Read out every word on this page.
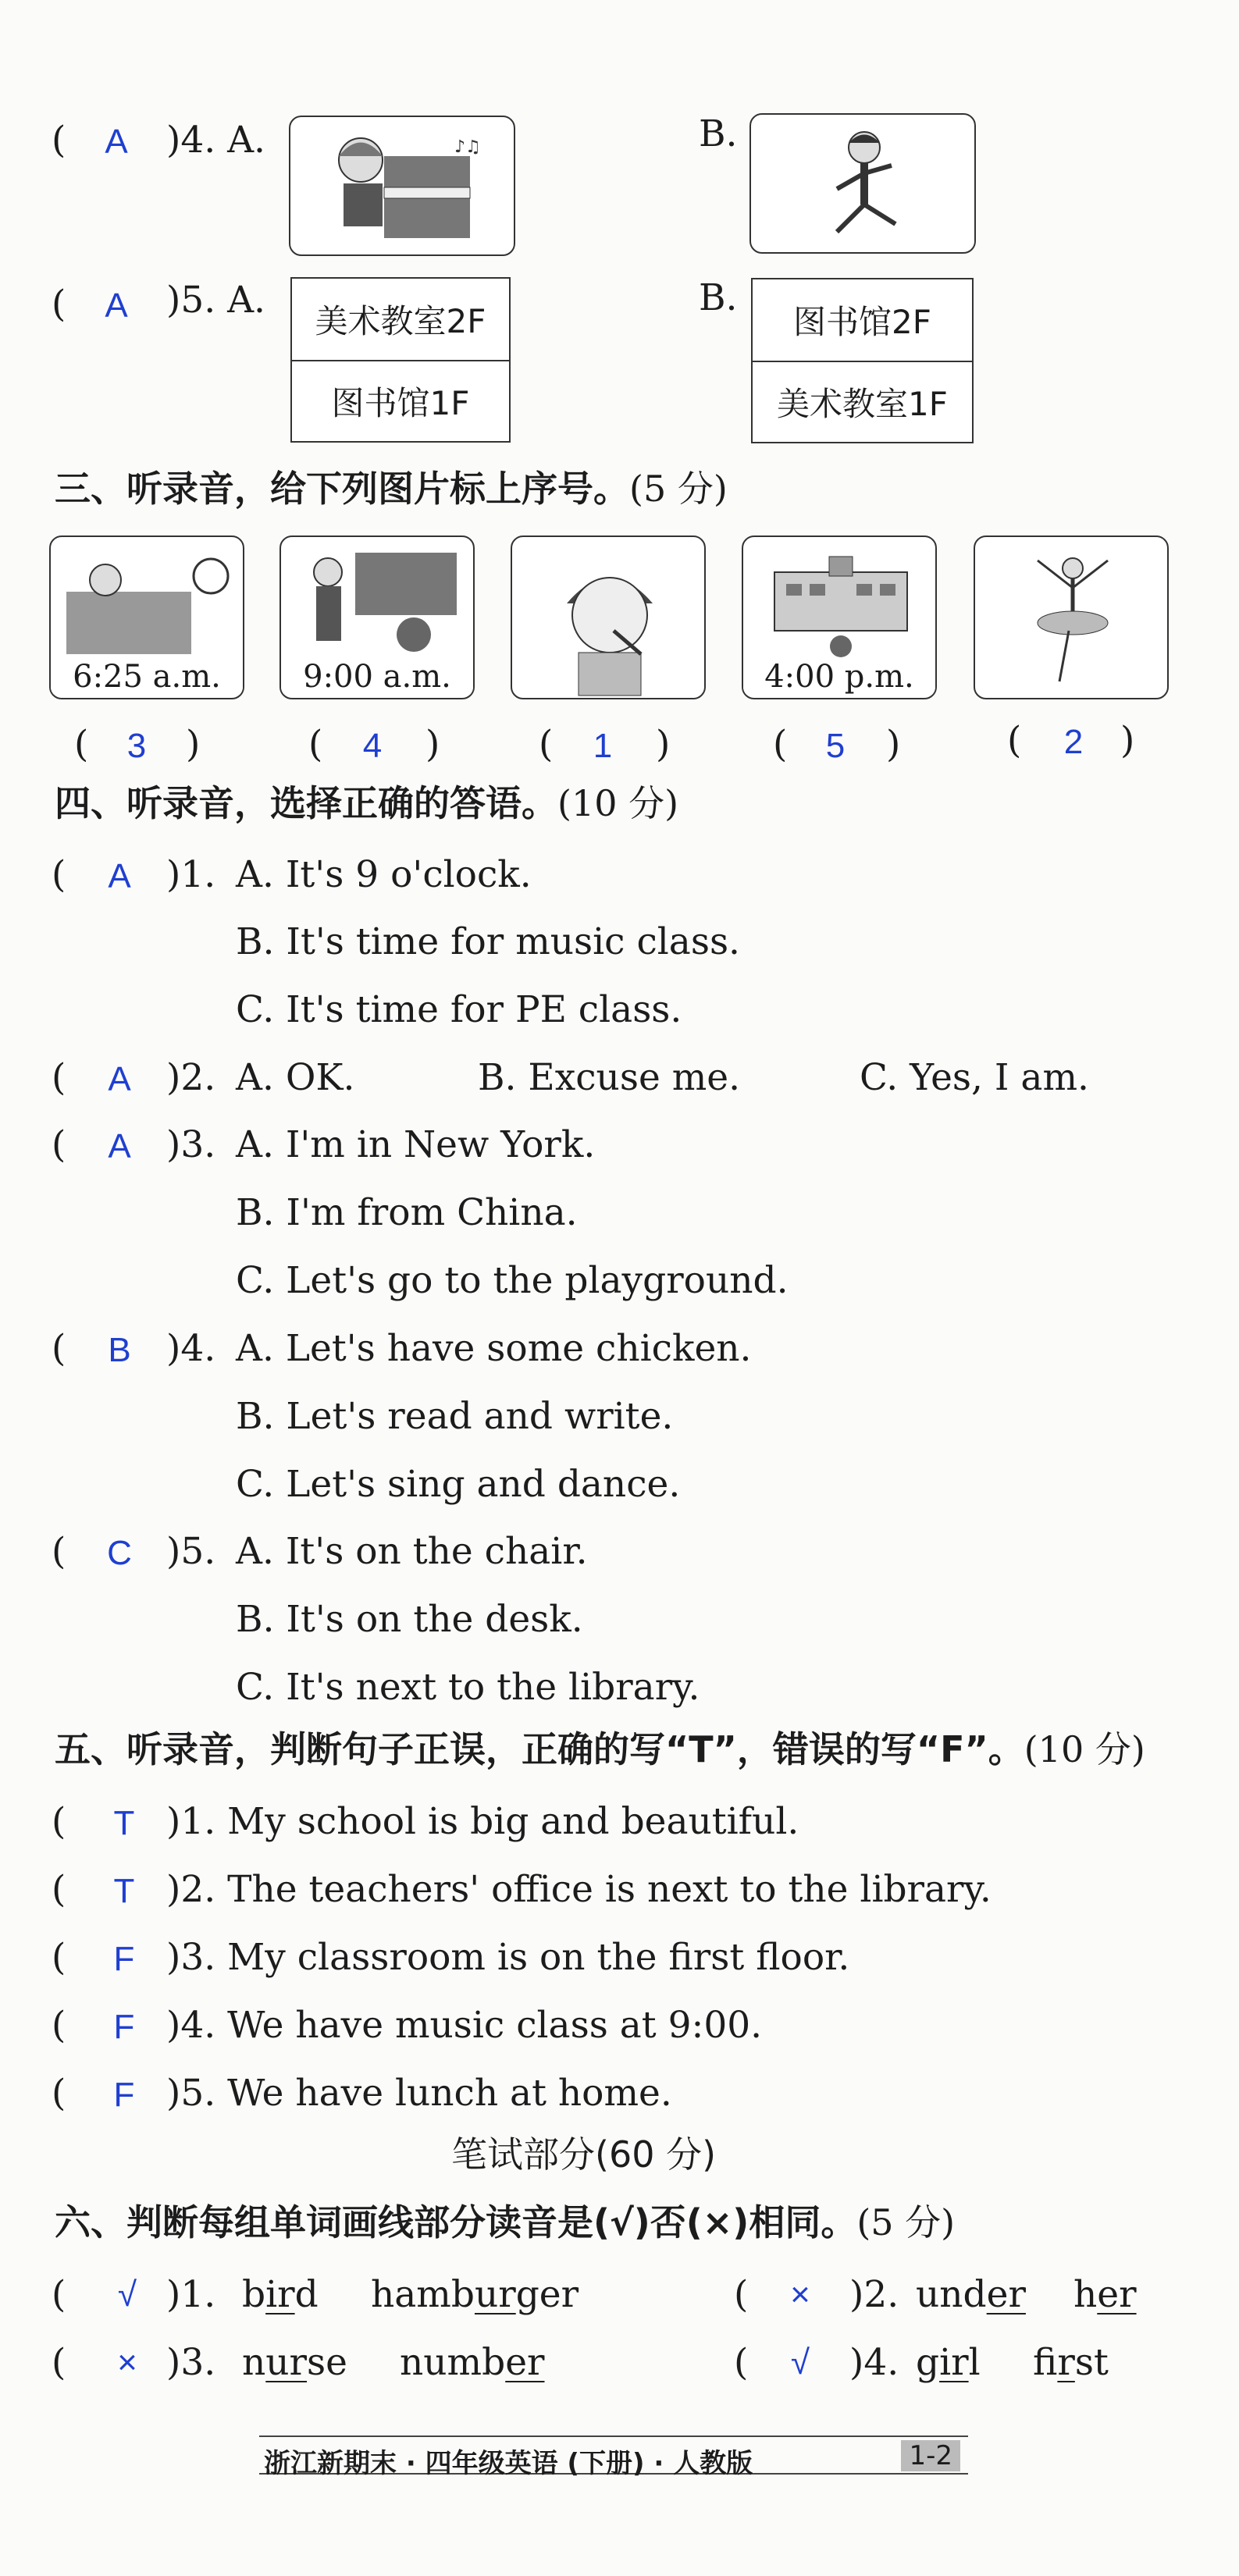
(	A	)4. A.	♪♫	B.
(	A	)5. A.	美术教室2F
图书馆1F
B.
图书馆2F
美术教室1F
三、听录音，给下列图片标上序号。(5 分)
6:25 a.m.	9:00 a.m.	4:00 p.m.
(	3	)	(	4	)	(	1	)	(	5	)	(	2	)
四、听录音，选择正确的答语。(10 分)
(	A )1. A. It's 9 o'clock.
B. It's time for music class.
C. It's time for PE class.
(	A )2. A. OK.	B. Excuse me.	C. Yes, I am.
(	A )3. A. I'm in New York.
B. I'm from China.
C. Let's go to the playground.
(	B )4. A. Let's have some chicken.
B. Let's read and write.
C. Let's sing and dance.
(	C )5. A. It's on the chair.
B. It's on the desk.
C. It's next to the library.
五、听录音，判断句子正误，正确的写“T”，错误的写“F”。(10 分)
(	T )1. My school is big and beautiful.
(	T )2. The teachers' office is next to the library.
(	F )3. My classroom is on the first floor.
(	F )4. We have music class at 9:00.
(	F )5. We have lunch at home.
笔试部分(60 分)
六、判断每组单词画线部分读音是(√)否(×)相同。(5 分)
(	√ )1. bird hamburger	(	×	)2. under her
(	× )3. nurse number	(	√	)4. girl first
浙江新期末 · 四年级英语 (下册) · 人教版	1-2
